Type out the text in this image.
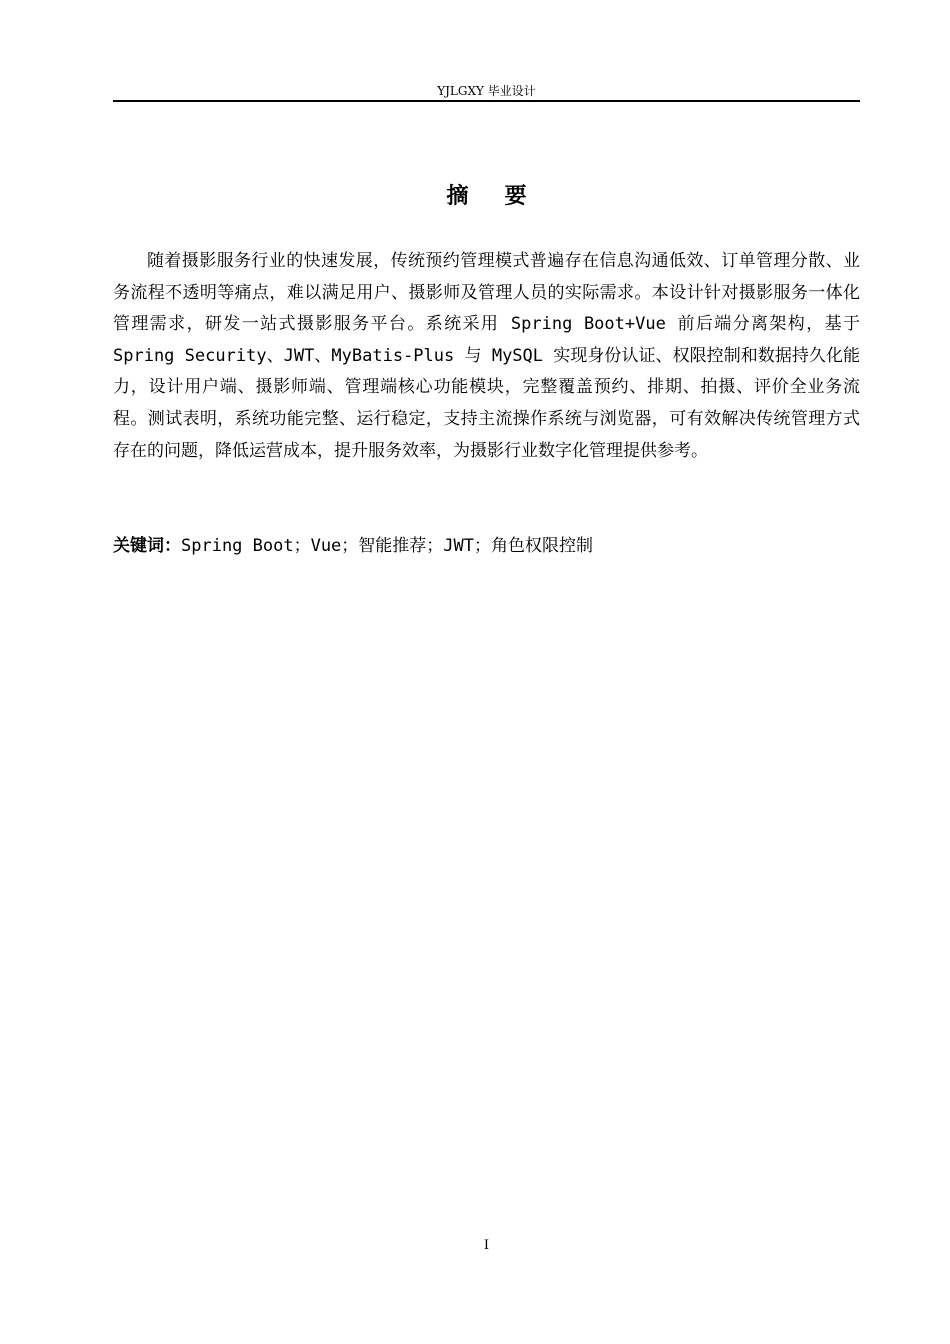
YJLGXY 毕业设计
摘要

随着摄影服务行业的快速发展，传统预约管理模式普遍存在信息沟通低效、订单管理分散、业务流程不透明等痛点，难以满足用户、摄影师及管理人员的实际需求。本设计针对摄影服务一体化管理需求，研发一站式摄影服务平台。系统采用 Spring Boot+Vue 前后端分离架构，基于 Spring Security、JWT、MyBatis-Plus 与 MySQL 实现身份认证、权限控制和数据持久化能力，设计用户端、摄影师端、管理端核心功能模块，完整覆盖预约、排期、拍摄、评价全业务流程。测试表明，系统功能完整、运行稳定，支持主流操作系统与浏览器，可有效解决传统管理方式存在的问题，降低运营成本，提升服务效率，为摄影行业数字化管理提供参考。

关键词：Spring Boot；Vue；智能推荐；JWT；角色权限控制
I
